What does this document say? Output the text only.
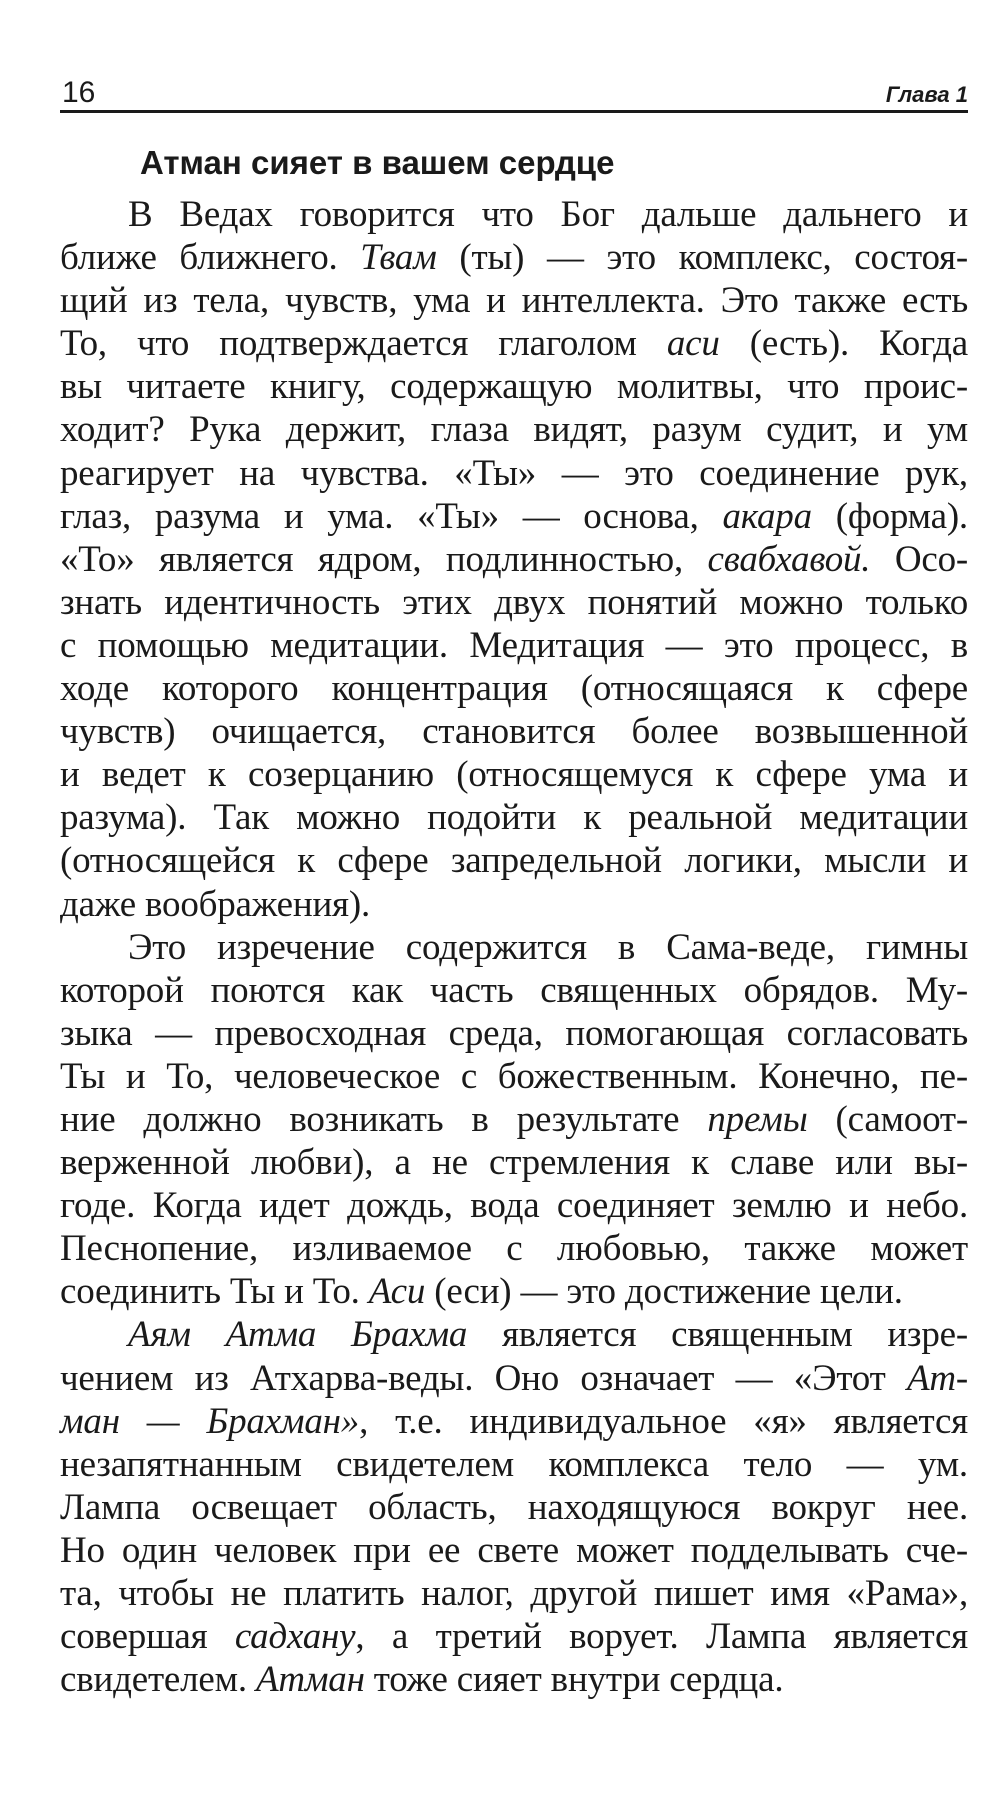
16	Глава 1
Атман сияет в вашем сердце
В Ведах говорится что Бог дальше дальнего и
ближе ближнего. Твам (ты) — это комплекс, состоя-
щий из тела, чувств, ума и интеллекта. Это также есть
То, что подтверждается глаголом аси (есть). Когда
вы читаете книгу, содержащую молитвы, что проис-
ходит? Рука держит, глаза видят, разум судит, и ум
реагирует на чувства. «Ты» — это соединение рук,
глаз, разума и ума. «Ты» — основа, акара (форма).
«То» является ядром, подлинностью, свабхавой. Осо-
знать идентичность этих двух понятий можно только
с помощью медитации. Медитация — это процесс, в
ходе которого концентрация (относящаяся к сфере
чувств) очищается, становится более возвышенной
и ведет к созерцанию (относящемуся к сфере ума и
разума). Так можно подойти к реальной медитации
(относящейся к сфере запредельной логики, мысли и
даже воображения).
Это изречение содержится в Сама-веде, гимны
которой поются как часть священных обрядов. Му-
зыка — превосходная среда, помогающая согласовать
Ты и То, человеческое с божественным. Конечно, пе-
ние должно возникать в результате премы (самоот-
верженной любви), а не стремления к славе или вы-
годе. Когда идет дождь, вода соединяет землю и небо.
Песнопение, изливаемое с любовью, также может
соединить Ты и То. Аси (еси) — это достижение цели.
Аям Атма Брахма является священным изре-
чением из Атхарва-веды. Оно означает — «Этот Ат-
ман — Брахман», т.е. индивидуальное «я» является
незапятнанным свидетелем комплекса тело — ум.
Лампа освещает область, находящуюся вокруг нее.
Но один человек при ее свете может подделывать сче-
та, чтобы не платить налог, другой пишет имя «Рама»,
совершая садхану, а третий ворует. Лампа является
свидетелем. Атман тоже сияет внутри сердца.
